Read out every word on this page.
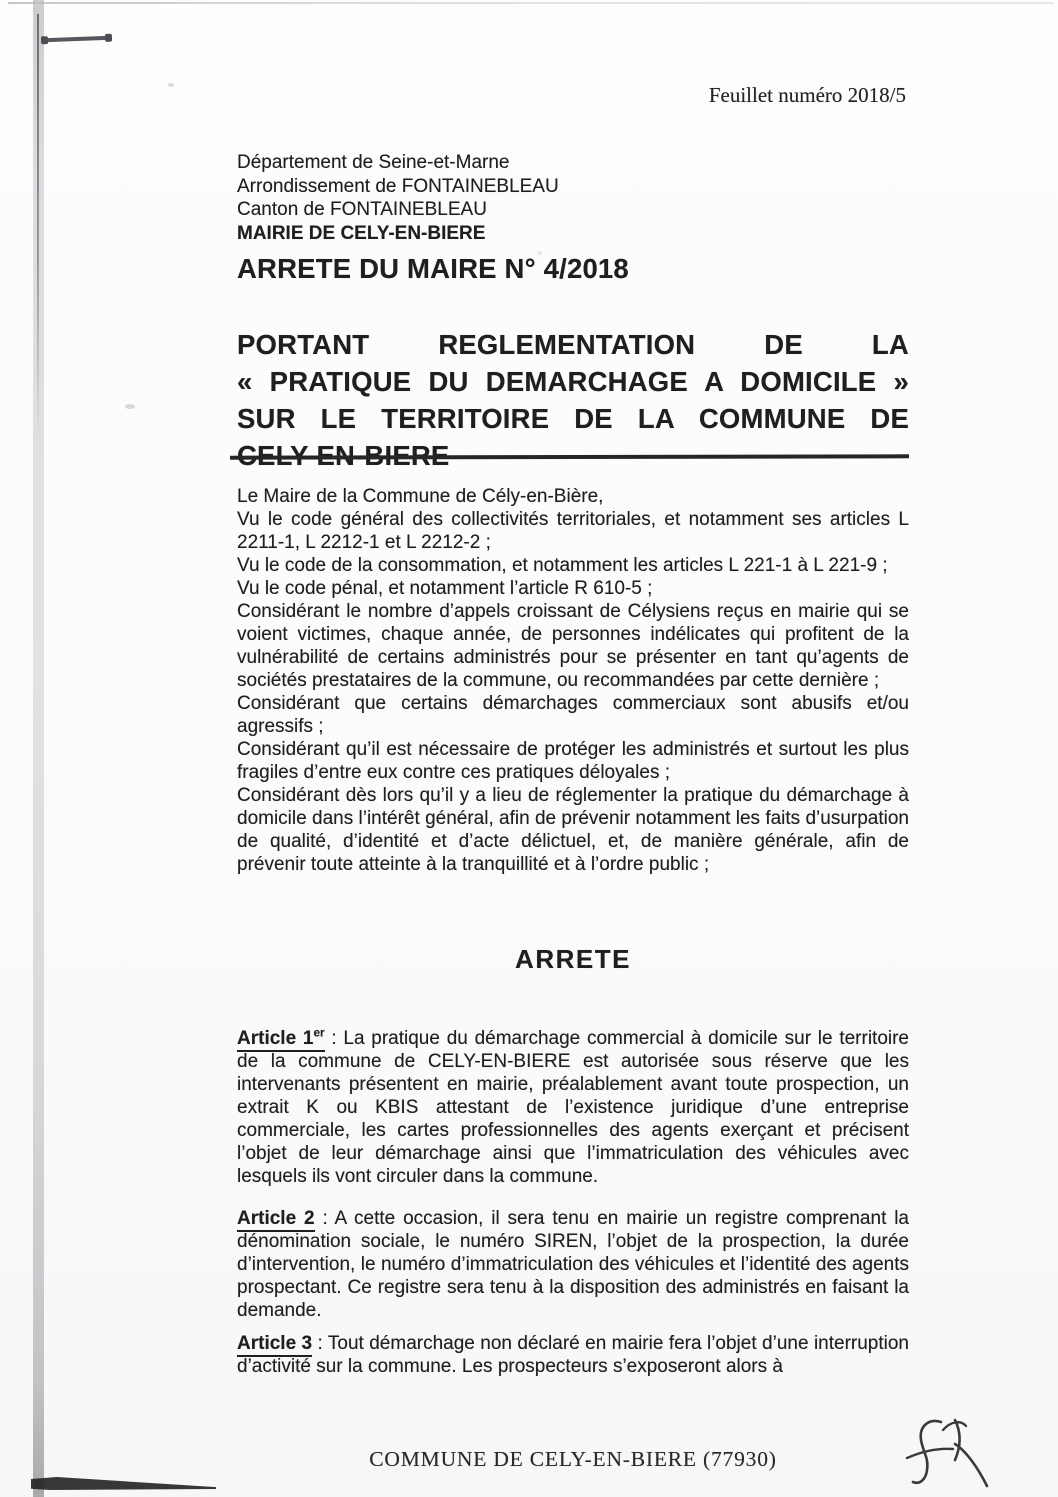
Feuillet numéro 2018/5
Département de Seine-et-Marne
Arrondissement de FONTAINEBLEAU
Canton de FONTAINEBLEAU
MAIRIE DE CELY-EN-BIERE
ARRETE DU MAIRE N° 4/2018
PORTANT REGLEMENTATION DE LA
« PRATIQUE DU DEMARCHAGE A DOMICILE »
SUR LE TERRITOIRE DE LA COMMUNE DE

Le Maire de la Commune de Cély-en-Bière,

Vu le code général des collectivités territoriales, et notamment ses articles L 2211-1, L 2212-1 et L 2212-2 ;

Vu le code de la consommation, et notamment les articles L 221-1 à L 221-9 ;

Vu le code pénal, et notamment l’article R 610-5 ;

Considérant le nombre d’appels croissant de Célysiens reçus en mairie qui se voient victimes, chaque année, de personnes indélicates qui profitent de la vulnérabilité de certains administrés pour se présenter en tant qu’agents de sociétés prestataires de la commune, ou recommandées par cette dernière ;

Considérant que certains démarchages commerciaux sont abusifs et/ou agressifs ;

Considérant qu’il est nécessaire de protéger les administrés et surtout les plus fragiles d’entre eux contre ces pratiques déloyales ;

Considérant dès lors qu’il y a lieu de réglementer la pratique du démarchage à domicile dans l’intérêt général, afin de prévenir notamment les faits d’usurpation de qualité, d’identité et d’acte délictuel, et, de manière générale, afin de prévenir toute atteinte à la tranquillité et à l’ordre public ;

ARRETE

Article 1er : La pratique du démarchage commercial à domicile sur le territoire de la commune de CELY-EN-BIERE est autorisée sous réserve que les intervenants présentent en mairie, préalablement avant toute prospection, un extrait K ou KBIS attestant de l’existence juridique d’une entreprise commerciale, les cartes professionnelles des agents exerçant et précisent l’objet de leur démarchage ainsi que l’immatriculation des véhicules avec lesquels ils vont circuler dans la commune.

Article 2 : A cette occasion, il sera tenu en mairie un registre comprenant la dénomination sociale, le numéro SIREN, l’objet de la prospection, la durée d’intervention, le numéro d’immatriculation des véhicules et l’identité des agents prospectant. Ce registre sera tenu à la disposition des administrés en faisant la demande.

Article 3 : Tout démarchage non déclaré en mairie fera l’objet d’une interruption d’activité sur la commune. Les prospecteurs s’exposeront alors à

COMMUNE DE CELY-EN-BIERE (77930)
